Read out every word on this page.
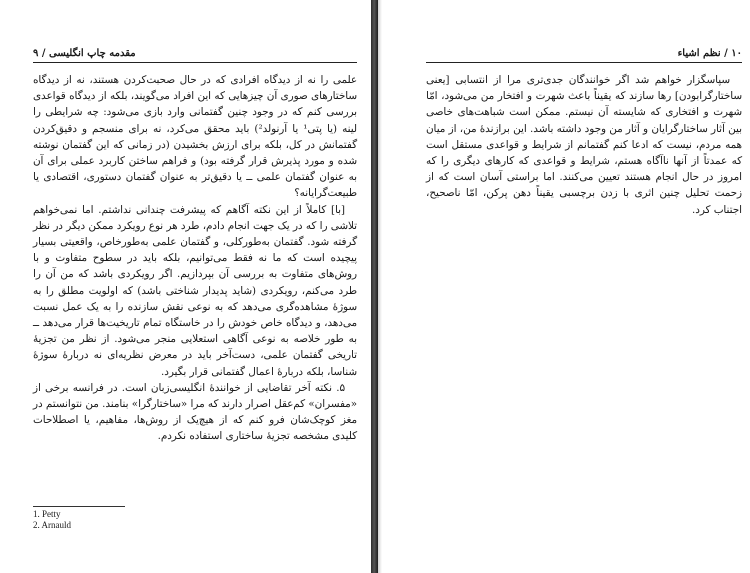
مقدمه چاپ انگلیسی / ۹

علمی را نه از دیدگاه افرادی که در حال صحبت‌کردن هستند، نه از دیدگاه ساختارهای صوری آن چیزهایی که این افراد می‌گویند، بلکه از دیدگاه قواعدی بررسی کنم که در وجود چنین گفتمانی وارد بازی می‌شود: چه شرایطی را لینه (یا پتی¹ یا آرنولد²) باید محقق می‌کرد، نه برای منسجم و دقیق‌کردن گفتمانش در کل، بلکه برای ارزش بخشیدن (در زمانی که این گفتمان نوشته شده و مورد پذیرش قرار گرفته بود) و فراهم ساختن کاربرد عملی برای آن به عنوان گفتمان علمی ــ یا دقیق‌تر به عنوان گفتمان دستوری، اقتصادی یا طبیعت‌گرایانه؟

[با] کاملاً از این نکته آگاهم که پیشرفت چندانی نداشتم. اما نمی‌خواهم تلاشی را که در یک جهت انجام دادم، طرد هر نوع رویکرد ممکن دیگر در نظر گرفته شود. گفتمان به‌طورکلی، و گفتمان علمی به‌طورخاص، واقعیتی بسیار پیچیده است که ما نه فقط می‌توانیم، بلکه باید در سطوح متفاوت و با روش‌های متفاوت به بررسی آن بپردازیم. اگر رویکردی باشد که من آن را طرد می‌کنم، رویکردی (شاید پدیدار شناختی باشد) که اولویت مطلق را به سوژهٔ مشاهده‌گری می‌دهد که به نوعی نقش سازنده را به یک عمل نسبت می‌دهد، و دیدگاه خاص خودش را در خاستگاه تمام تاریخیت‌ها قرار می‌دهد ــ به طور خلاصه به نوعی آگاهی استعلایی منجر می‌شود. از نظر من تجزیهٔ تاریخی گفتمان علمی، دست‌آخر باید در معرض نظریه‌ای نه دربارهٔ سوژهٔ شناسا، بلکه دربارهٔ اعمال گفتمانی قرار بگیرد.

۵. نکته آخر تقاضایی از خوانندهٔ انگلیسی‌زبان است. در فرانسه برخی از «مفسران» کم‌عقل اصرار دارند که مرا «ساختارگرا» بنامند. من نتوانستم در مغز کوچک‌شان فرو کنم که از هیچ‌یک از روش‌ها، مفاهیم، یا اصطلاحات کلیدی مشخصه تجزیهٔ ساختاری استفاده نکردم.

1. Petty
2. Arnauld
۱۰ / نظم اشیاء

سپاسگزار خواهم شد اگر خوانندگان جدی‌تری مرا از انتسابی [یعنی ساختارگرابودن] رها سازند که یقیناً باعث شهرت و افتخار من می‌شود، امّا شهرت و افتخاری که شایسته آن نیستم. ممکن است شباهت‌های خاصی بین آثار ساختارگرایان و آثار من وجود داشته باشد. این برازندهٔ من، از میان همه مردم، نیست که ادعا کنم گفتمانم از شرایط و قواعدی مستقل است که عمدتاً از آنها ناآگاه هستم، شرایط و قواعدی که کارهای دیگری را که امروز در حال انجام هستند تعیین می‌کنند. اما براستی آسان است که از زحمت تحلیل چنین اثری با زدن برچسبی یقیناً دهن پرکن، امّا ناصحیح، اجتناب کرد.
